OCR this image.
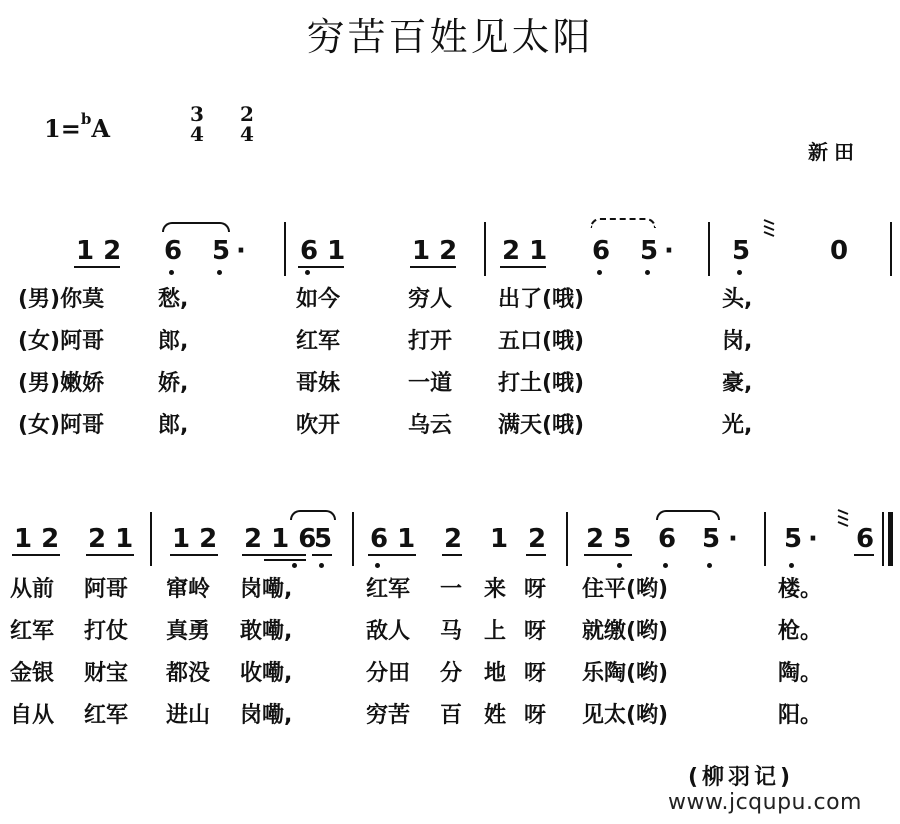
穷苦百姓见太阳
1=$^b$A	3
4
2
4
新田
1 2 6 5 · 6 1	1 2 2 1 6 5 · 5	0
(男)你莫 愁,	如今	穷人 出了(哦)	头,
(女)阿哥 郎,	红军	打开 五口(哦)	岗,
(男)嫩娇 娇,	哥妹	一道 打土(哦)	豪,
(女)阿哥 郎,	吹开	乌云 满天(哦)	光,
1 2 2 1 1 2 2 1 6
5 6 1 2 1 2 2 5 6 5 · 5 · 6
从前 阿哥 窜岭 岗嘞,	红军 一 来 呀 住平(哟)	楼。
红军 打仗 真勇 敢嘞,	敌人 马 上 呀 就缴(哟)	枪。
金银 财宝 都没 收嘞,	分田 分 地 呀 乐陶(哟)	陶。
自从 红军 进山 岗嘞,	穷苦 百 姓 呀 见太(哟)	阳。
(柳羽记)
www.jcqupu.com
